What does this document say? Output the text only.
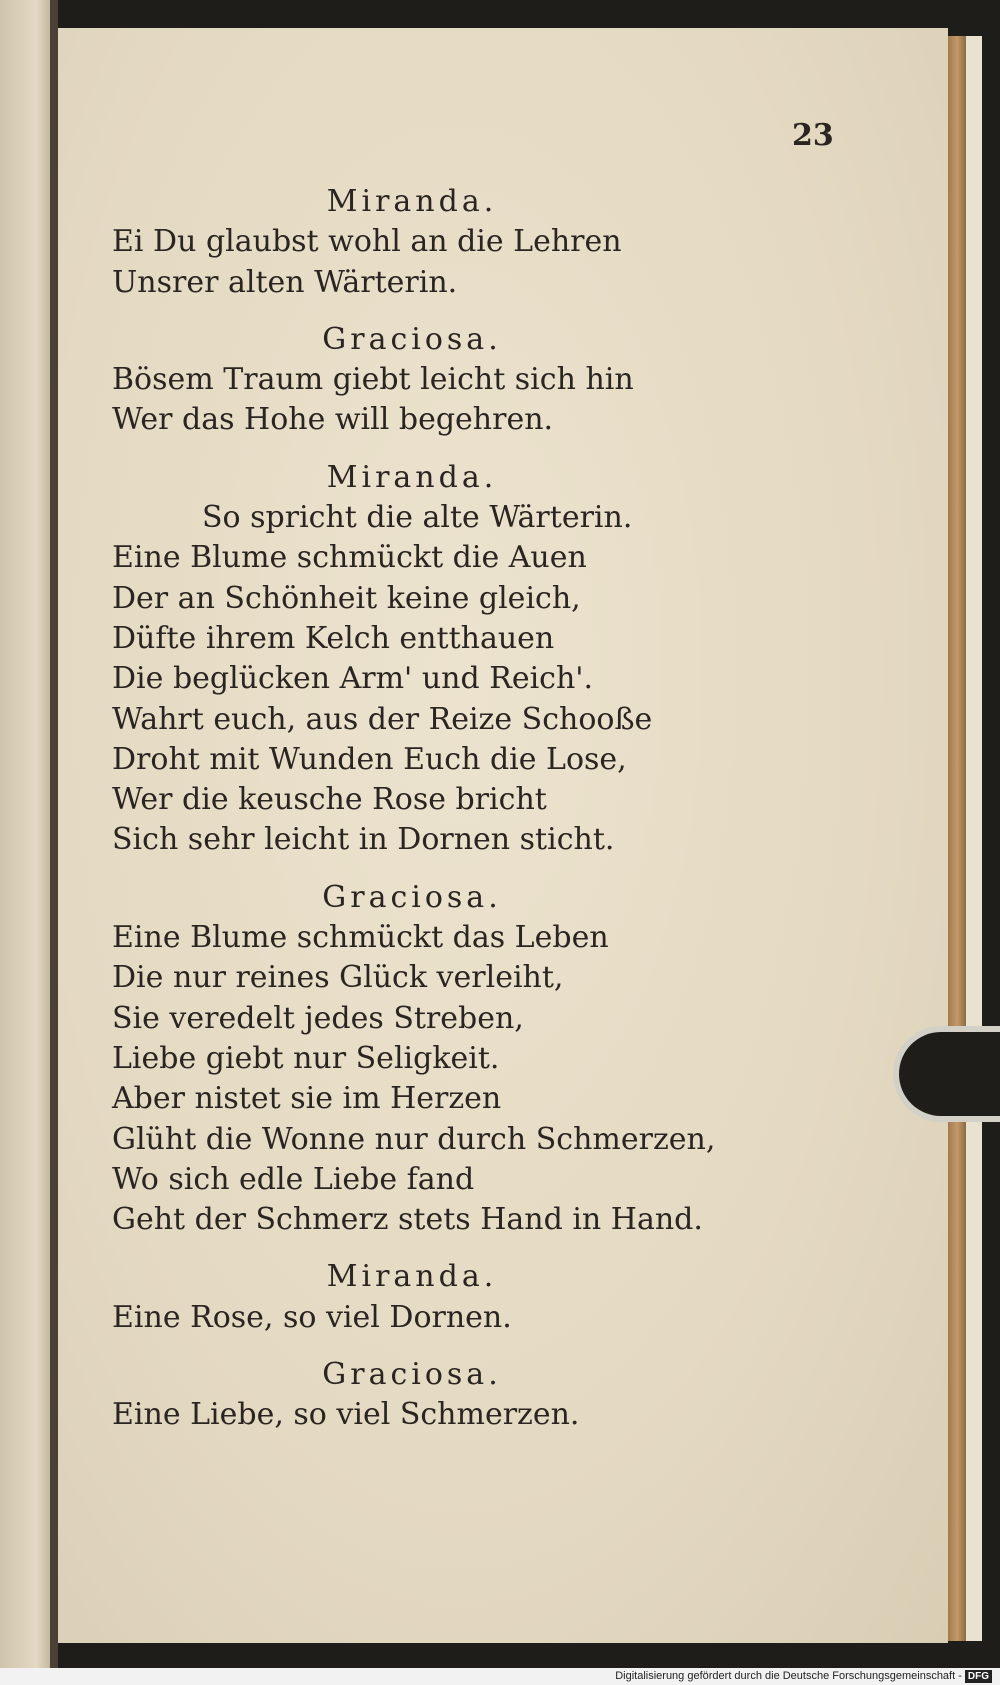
23
Miranda.
Ei Du glaubst wohl an die Lehren
Unsrer alten Wärterin.
Graciosa.
Bösem Traum giebt leicht sich hin
Wer das Hohe will begehren.
Miranda.
So spricht die alte Wärterin.
Eine Blume schmückt die Auen
Der an Schönheit keine gleich,
Düfte ihrem Kelch entthauen
Die beglücken Arm' und Reich'.
Wahrt euch, aus der Reize Schooße
Droht mit Wunden Euch die Lose,
Wer die keusche Rose bricht
Sich sehr leicht in Dornen sticht.
Graciosa.
Eine Blume schmückt das Leben
Die nur reines Glück verleiht,
Sie veredelt jedes Streben,
Liebe giebt nur Seligkeit.
Aber nistet sie im Herzen
Glüht die Wonne nur durch Schmerzen,
Wo sich edle Liebe fand
Geht der Schmerz stets Hand in Hand.
Miranda.
Eine Rose, so viel Dornen.
Graciosa.
Eine Liebe, so viel Schmerzen.
Digitalisierung gefördert durch die Deutsche Forschungsgemeinschaft - DFG
